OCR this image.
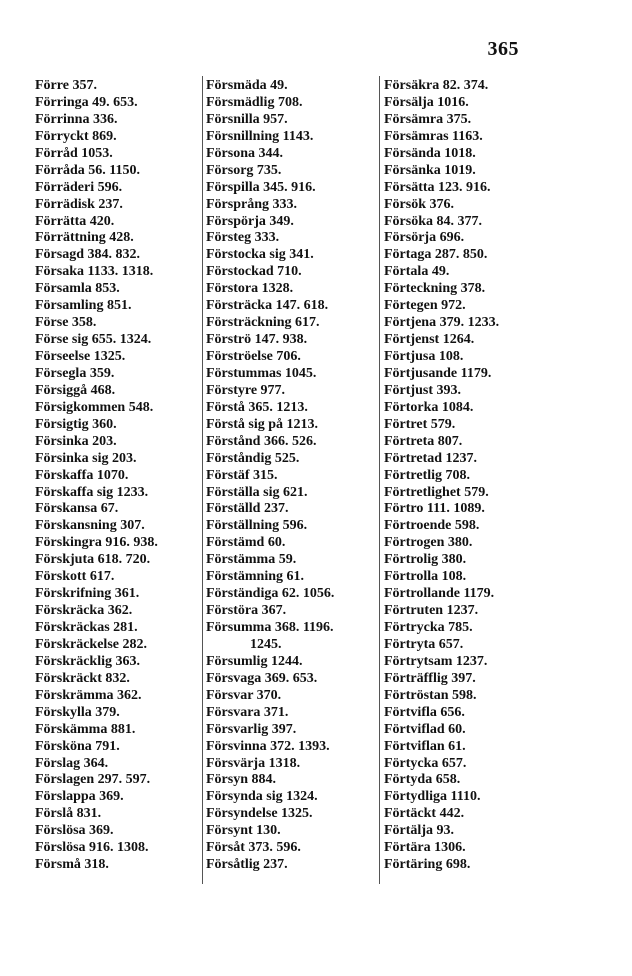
365
Förre 357.
Förringa 49. 653.
Förrinna 336.
Förryckt 869.
Förråd 1053.
Förråda 56. 1150.
Förräderi 596.
Förrädisk 237.
Förrätta 420.
Förrättning 428.
Försagd 384. 832.
Försaka 1133. 1318.
Församla 853.
Församling 851.
Förse 358.
Förse sig 655. 1324.
Förseelse 1325.
Försegla 359.
Försiggå 468.
Försigkommen 548.
Försigtig 360.
Försinka 203.
Försinka sig 203.
Förskaffa 1070.
Förskaffa sig 1233.
Förskansa 67.
Förskansning 307.
Förskingra 916. 938.
Förskjuta 618. 720.
Förskott 617.
Förskrifning 361.
Förskräcka 362.
Förskräckas 281.
Förskräckelse 282.
Förskräcklig 363.
Förskräckt 832.
Förskrämma 362.
Förskylla 379.
Förskämma 881.
Försköna 791.
Förslag 364.
Förslagen 297. 597.
Förslappa 369.
Förslå 831.
Förslösa 369.
Förslösa 916. 1308.
Försmå 318.
Försmäda 49.
Försmädlig 708.
Försnilla 957.
Försnillning 1143.
Försona 344.
Försorg 735.
Förspilla 345. 916.
Försprång 333.
Förspörja 349.
Försteg 333.
Förstocka sig 341.
Förstockad 710.
Förstora 1328.
Försträcka 147. 618.
Försträckning 617.
Förströ 147. 938.
Förströelse 706.
Förstummas 1045.
Förstyre 977.
Förstå 365. 1213.
Förstå sig på 1213.
Förstånd 366. 526.
Förståndig 525.
Förstäf 315.
Förställa sig 621.
Förställd 237.
Förställning 596.
Förstämd 60.
Förstämma 59.
Förstämning 61.
Förständiga 62. 1056.
Förstöra 367.
Försumma 368. 1196.
1245.
Försumlig 1244.
Försvaga 369. 653.
Försvar 370.
Försvara 371.
Försvarlig 397.
Försvinna 372. 1393.
Försvärja 1318.
Försyn 884.
Försynda sig 1324.
Försyndelse 1325.
Försynt 130.
Försåt 373. 596.
Försåtlig 237.
Försäkra 82. 374.
Försälja 1016.
Försämra 375.
Försämras 1163.
Försända 1018.
Försänka 1019.
Försätta 123. 916.
Försök 376.
Försöka 84. 377.
Försörja 696.
Förtaga 287. 850.
Förtala 49.
Förteckning 378.
Förtegen 972.
Förtjena 379. 1233.
Förtjenst 1264.
Förtjusa 108.
Förtjusande 1179.
Förtjust 393.
Förtorka 1084.
Förtret 579.
Förtreta 807.
Förtretad 1237.
Förtretlig 708.
Förtretlighet 579.
Förtro 111. 1089.
Förtroende 598.
Förtrogen 380.
Förtrolig 380.
Förtrolla 108.
Förtrollande 1179.
Förtruten 1237.
Förtrycka 785.
Förtryta 657.
Förtrytsam 1237.
Förträfflig 397.
Förtröstan 598.
Förtvifla 656.
Förtviflad 60.
Förtviflan 61.
Förtycka 657.
Förtyda 658.
Förtydliga 1110.
Förtäckt 442.
Förtälja 93.
Förtära 1306.
Förtäring 698.
